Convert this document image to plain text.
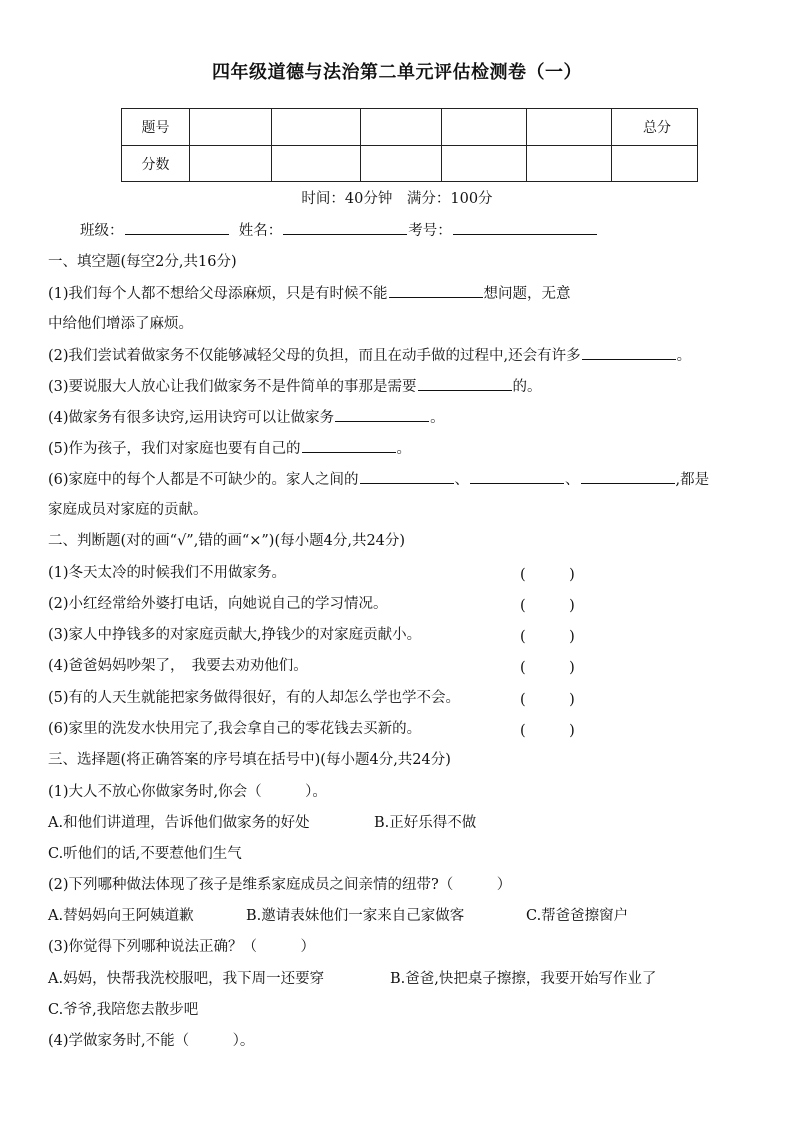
四年级道德与法治第二单元评估检测卷（一）
题号						总分
分数						
时间：40分钟　满分：100分
班级：	姓名：	考号：
一、填空题(每空2分,共16分)
(1)我们每个人都不想给父母添麻烦，只是有时候不能	想问题，无意
中给他们增添了麻烦。
(2)我们尝试着做家务不仅能够减轻父母的负担，而且在动手做的过程中,还会有许多	。
(3)要说服大人放心让我们做家务不是件简单的事那是需要	的。
(4)做家务有很多诀窍,运用诀窍可以让做家务	。
(5)作为孩子，我们对家庭也要有自己的	。
(6)家庭中的每个人都是不可缺少的。家人之间的	、	、	,都是
家庭成员对家庭的贡献。
二、判断题(对的画“√”,错的画“×”)(每小题4分,共24分)
(1)冬天太冷的时候我们不用做家务。	(　　　)
(2)小红经常给外婆打电话，向她说自己的学习情况。	(　　　)
(3)家人中挣钱多的对家庭贡献大,挣钱少的对家庭贡献小。	(　　　)
(4)爸爸妈妈吵架了，　我要去劝劝他们。	(　　　)
(5)有的人天生就能把家务做得很好，有的人却怎么学也学不会。	(　　　)
(6)家里的洗发水快用完了,我会拿自己的零花钱去买新的。	(　　　)
三、选择题(将正确答案的序号填在括号中)(每小题4分,共24分)
(1)大人不放心你做家务时,你会（　　　）。
A.和他们讲道理，告诉他们做家务的好处	B.正好乐得不做
C.听他们的话,不要惹他们生气
(2)下列哪种做法体现了孩子是维系家庭成员之间亲情的纽带?（　　　）
A.替妈妈向王阿姨道歉	B.邀请表妹他们一家来自己家做客	C.帮爸爸擦窗户
(3)你觉得下列哪种说法正确？（　　　）
A.妈妈，快帮我洗校服吧，我下周一还要穿	B.爸爸,快把桌子擦擦，我要开始写作业了
C.爷爷,我陪您去散步吧
(4)学做家务时,不能（　　　）。
